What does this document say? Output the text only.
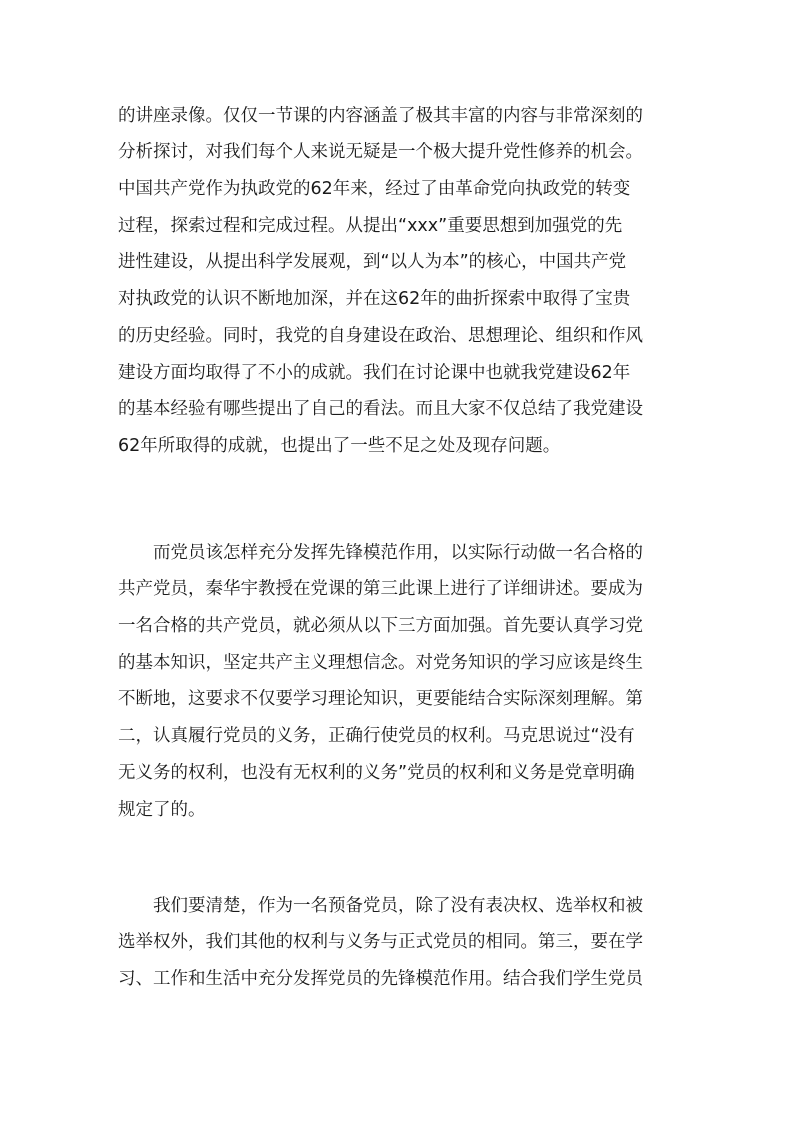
的讲座录像。仅仅一节课的内容涵盖了极其丰富的内容与非常深刻的
分析探讨，对我们每个人来说无疑是一个极大提升党性修养的机会。
中国共产党作为执政党的62年来，经过了由革命党向执政党的转变
过程，探索过程和完成过程。从提出“xxx”重要思想到加强党的先
进性建设，从提出科学发展观，到“以人为本”的核心，中国共产党
对执政党的认识不断地加深，并在这62年的曲折探索中取得了宝贵
的历史经验。同时，我党的自身建设在政治、思想理论、组织和作风
建设方面均取得了不小的成就。我们在讨论课中也就我党建设62年
的基本经验有哪些提出了自己的看法。而且大家不仅总结了我党建设
62年所取得的成就，也提出了一些不足之处及现存问题。
　　而党员该怎样充分发挥先锋模范作用，以实际行动做一名合格的
共产党员，秦华宇教授在党课的第三此课上进行了详细讲述。要成为
一名合格的共产党员，就必须从以下三方面加强。首先要认真学习党
的基本知识，坚定共产主义理想信念。对党务知识的学习应该是终生
不断地，这要求不仅要学习理论知识，更要能结合实际深刻理解。第
二，认真履行党员的义务，正确行使党员的权利。马克思说过“没有
无义务的权利，也没有无权利的义务”党员的权利和义务是党章明确
规定了的。
　　我们要清楚，作为一名预备党员，除了没有表决权、选举权和被
选举权外，我们其他的权利与义务与正式党员的相同。第三，要在学
习、工作和生活中充分发挥党员的先锋模范作用。结合我们学生党员
